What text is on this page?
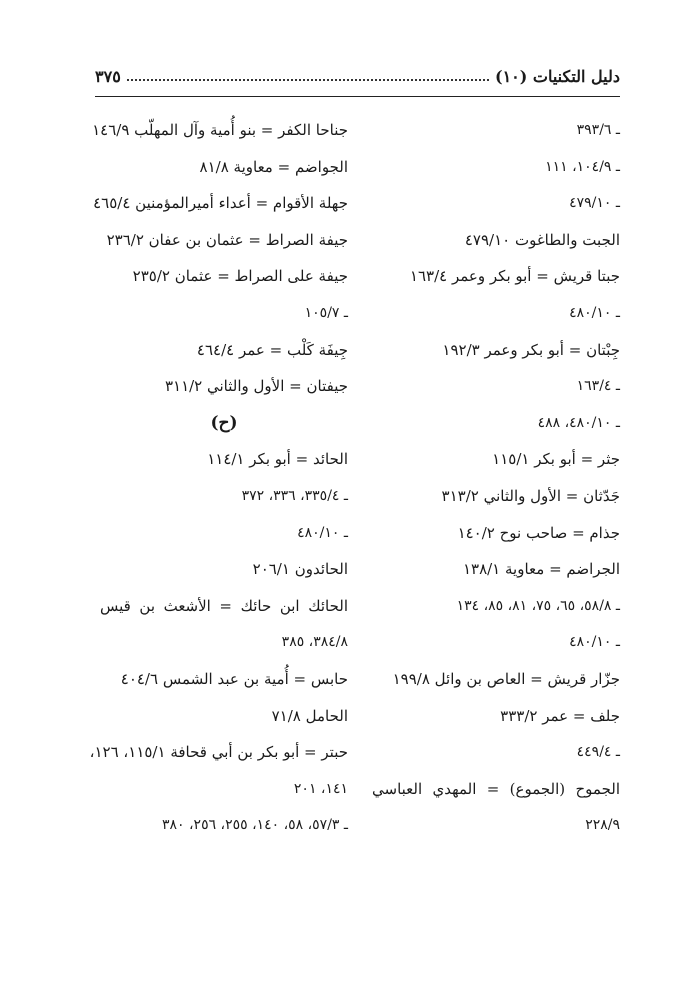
دليل التكنيات (١٠)
٣٧٥
ـ ٣٩٣/٦
ـ ١٠٤/٩، ١١١
ـ ٤٧٩/١٠
الجبت والطاغوت ٤٧٩/١٠
جبتا قريش = أبو بكر وعمر ١٦٣/٤
ـ ٤٨٠/١٠
جِبْتان = أبو بكر وعمر ١٩٢/٣
ـ ١٦٣/٤
ـ ٤٨٠/١٠، ٤٨٨
جثر = أبو بكر ١١٥/١
جَدّثان = الأول والثاني ٣١٣/٢
جذام = صاحب نوح ١٤٠/٢
الجراضم = معاوية ١٣٨/١
ـ ٥٨/٨، ٦٥، ٧٥، ٨١، ٨٥، ١٣٤
ـ ٤٨٠/١٠
جزّار قريش = العاص بن وائل ١٩٩/٨
جلف = عمر ٣٣٣/٢
ـ ٤٤٩/٤
الجموح (الجموع) = المهدي العباسي
٢٢٨/٩
جناحا الكفر = بنو أُمية وآل المهلّب ١٤٦/٩
الجواضم = معاوية ٨١/٨
جهلة الأقوام = أعداء أميرالمؤمنين ٤٦٥/٤
جيفة الصراط = عثمان بن عفان ٢٣٦/٢
جيفة على الصراط = عثمان ٢٣٥/٢
ـ ١٠٥/٧
جِيفَة كَلْب = عمر ٤٦٤/٤
جيفتان = الأول والثاني ٣١١/٢
(ح)
الحائد = أبو بكر ١١٤/١
ـ ٣٣٥/٤، ٣٣٦، ٣٧٢
ـ ٤٨٠/١٠
الحائدون ٢٠٦/١
الحائك ابن حائك = الأشعث بن قيس
٣٨٤/٨، ٣٨٥
حابس = أُمية بن عبد الشمس ٤٠٤/٦
الحامل ٧١/٨
حبتر = أبو بكر بن أبي قحافة ١١٥/١، ١٢٦،
١٤١، ٢٠١
ـ ٥٧/٣، ٥٨، ١٤٠، ٢٥٥، ٢٥٦، ٣٨٠
